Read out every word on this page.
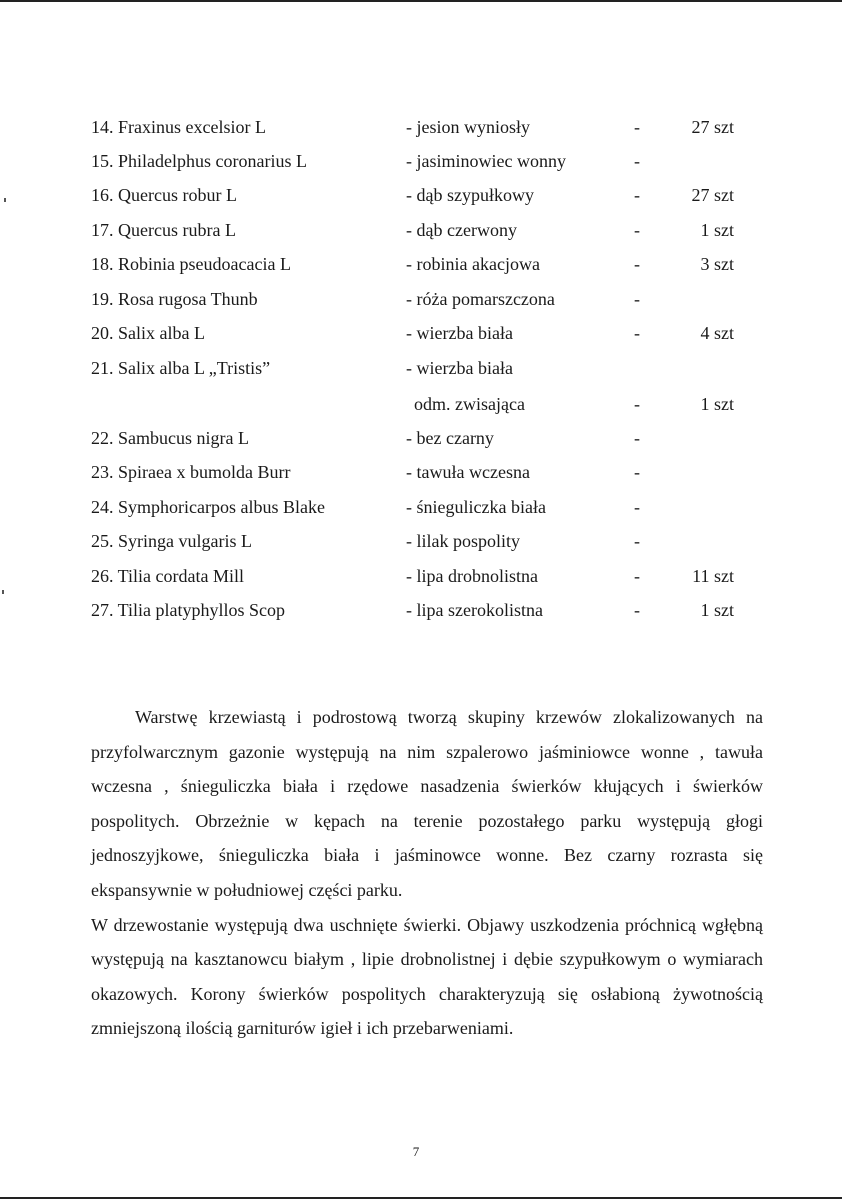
14. Fraxinus excelsior L	- jesion wyniosły	-	27 szt
15. Philadelphus coronarius L	- jasiminowiec wonny	-
16. Quercus robur L	- dąb szypułkowy	-	27 szt
17. Quercus rubra L	- dąb czerwony	-	1 szt
18. Robinia pseudoacacia L	- robinia akacjowa	-	3 szt
19. Rosa rugosa Thunb	- róża pomarszczona	-
20. Salix alba L	- wierzba biała	-	4 szt
21. Salix alba L „Tristis”	- wierzba biała
odm. zwisająca	-	1 szt
22. Sambucus nigra L	- bez czarny	-
23. Spiraea x bumolda Burr	- tawuła wczesna	-
24. Symphoricarpos albus Blake	- śnieguliczka biała	-
25. Syringa vulgaris L	- lilak pospolity	-
26. Tilia cordata Mill	- lipa drobnolistna	-	11 szt
27. Tilia platyphyllos Scop	- lipa szerokolistna	-	1 szt

Warstwę krzewiastą i podrostową tworzą skupiny krzewów zlokalizowanych na przyfolwarcznym gazonie występują na nim szpalerowo jaśminiowce wonne , tawuła wczesna , śnieguliczka biała i rzędowe nasadzenia świerków kłujących i świerków pospolitych. Obrzeżnie w kępach na terenie pozostałego parku występują głogi jednoszyjkowe, śnieguliczka biała i jaśminowce wonne. Bez czarny rozrasta się ekspansywnie w południowej części parku.

W drzewostanie występują dwa uschnięte świerki. Objawy uszkodzenia próchnicą wgłębną występują na kasztanowcu białym , lipie drobnolistnej i dębie szypułkowym o wymiarach okazowych. Korony świerków pospolitych charakteryzują się osłabioną żywotnością zmniejszoną ilością garniturów igieł i ich przebarweniami.

7
